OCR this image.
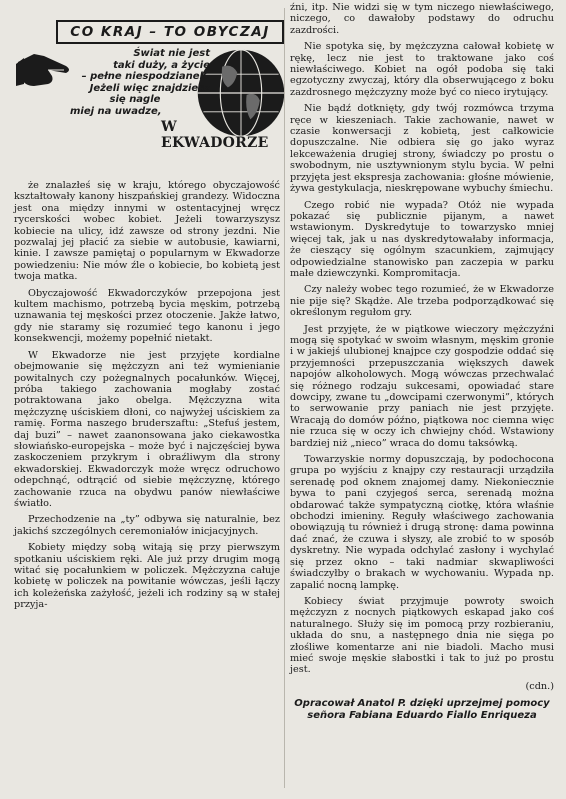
CO KRAJ – TO OBYCZAJ
Świat nie jest
taki duży, a życie
– pełne niespodzianek.
Jeżeli więc znajdziesz
się nagle
miej na uwadze,
W EKWADORZE

że znalazłeś się w kraju, którego obyczajowość kształtowały kanony hiszpańskiej grandezy. Widoczna jest ona między innymi w ostentacyjnej wręcz rycerskości wobec kobiet. Jeżeli towarzyszysz kobiecie na ulicy, idź zawsze od strony jezdni. Nie pozwalaj jej płacić za siebie w autobusie, kawiarni, kinie. I zawsze pamiętaj o popularnym w Ekwadorze powiedzeniu: Nie mów źle o kobiecie, bo kobietą jest twoja matka.

Obyczajowość Ekwadorczyków przepojona jest kultem machismo, potrzebą bycia męskim, potrzebą uznawania tej męskości przez otoczenie. Jakże łatwo, gdy nie staramy się rozumieć tego kanonu i jego konsekwencji, możemy popełnić nietakt.

W Ekwadorze nie jest przyjęte kordialne obejmowanie się mężczyzn ani też wymienianie powitalnych czy pożegnalnych pocałunków. Więcej, próba takiego zachowania mogłaby zostać potraktowana jako obelga. Mężczyzna wita mężczyznę uściskiem dłoni, co najwyżej uściskiem za ramię. Forma naszego bruderszaftu: „Stefuś jestem, daj buzi” – nawet zaanonsowana jako ciekawostka słowiańsko-europejska – może być i najczęściej bywa zaskoczeniem przykrym i obraźliwym dla strony ekwadorskiej. Ekwadorczyk może wręcz odruchowo odepchnąć, odtrącić od siebie mężczyznę, którego zachowanie rzuca na obydwu panów niewłaściwe światło.

Przechodzenie na „ty” odbywa się naturalnie, bez jakichś szczególnych ceremoniałów inicjacyjnych.

Kobiety między sobą witają się przy pierwszym spotkaniu uściskiem ręki. Ale już przy drugim mogą witać się pocałunkiem w policzek. Mężczyzna całuje kobietę w policzek na powitanie wówczas, jeśli łączy ich koleżeńska zażyłość, jeżeli ich rodziny są w stałej przyja-

źni, itp. Nie widzi się w tym niczego niewłaściwego, niczego, co dawałoby podstawy do odruchu zazdrości.

Nie spotyka się, by mężczyzna całował kobietę w rękę, lecz nie jest to traktowane jako coś niewłaściwego. Kobiet na ogół podoba się taki egzotyczny zwyczaj, który dla obserwującego z boku zazdrosnego mężczyzny może być co nieco irytujący.

Nie bądź dotknięty, gdy twój rozmówca trzyma ręce w kieszeniach. Takie zachowanie, nawet w czasie konwersacji z kobietą, jest całkowicie dopuszczalne. Nie odbiera się go jako wyraz lekceważenia drugiej strony, świadczy po prostu o swobodnym, nie usztywnionym stylu bycia. W pełni przyjęta jest ekspresja zachowania: głośne mówienie, żywa gestykulacja, nieskrępowane wybuchy śmiechu.

Czego robić nie wypada? Otóż nie wypada pokazać się publicznie pijanym, a nawet wstawionym. Dyskredytuje to towarzysko mniej więcej tak, jak u nas dyskredytowałaby informacja, że cieszący się ogólnym szacunkiem, zajmujący odpowiedzialne stanowisko pan zaczepia w parku małe dziewczynki. Kompromitacja.

Czy należy wobec tego rozumieć, że w Ekwadorze nie pije się? Skądże. Ale trzeba podporządkować się określonym regułom gry.

Jest przyjęte, że w piątkowe wieczory mężczyźni mogą się spotykać w swoim własnym, męskim gronie i w jakiejś ulubionej knajpce czy gospodzie oddać się przyjemności przepuszczania większych dawek napojów alkoholowych. Mogą wówczas przechwalać się różnego rodzaju sukcesami, opowiadać stare dowcipy, zwane tu „dowcipami czerwonymi”, których to serwowanie przy paniach nie jest przyjęte. Wracają do domów późno, piątkowa noc ciemna więc nie rzuca się w oczy ich chwiejny chód. Wstawiony bardziej niż „nieco” wraca do domu taksówką.

Towarzyskie normy dopuszczają, by podochocona grupa po wyjściu z knajpy czy restauracji urządziła serenadę pod oknem znajomej damy. Niekoniecznie bywa to pani czyjegoś serca, serenadą można obdarować także sympatyczną ciotkę, która właśnie obchodzi imieniny. Reguły właściwego zachowania obowiązują tu również i drugą stronę: dama powinna dać znać, że czuwa i słyszy, ale zrobić to w sposób dyskretny. Nie wypada odchylać zasłony i wychylać się przez okno – taki nadmiar skwapliwości świadczyłby o brakach w wychowaniu. Wypada np. zapalić nocną lampkę.

Kobiecy świat przyjmuje powroty swoich mężczyzn z nocnych piątkowych eskapad jako coś naturalnego. Służy się im pomocą przy rozbieraniu, układa do snu, a następnego dnia nie sięga po złośliwe komentarze ani nie biadoli. Macho musi mieć swoje męskie słabostki i tak to już po prostu jest.

(cdn.)

Opracował Anatol P. dzięki uprzejmej pomocy señora Fabiana Eduardo Fiallo Enriqueza
